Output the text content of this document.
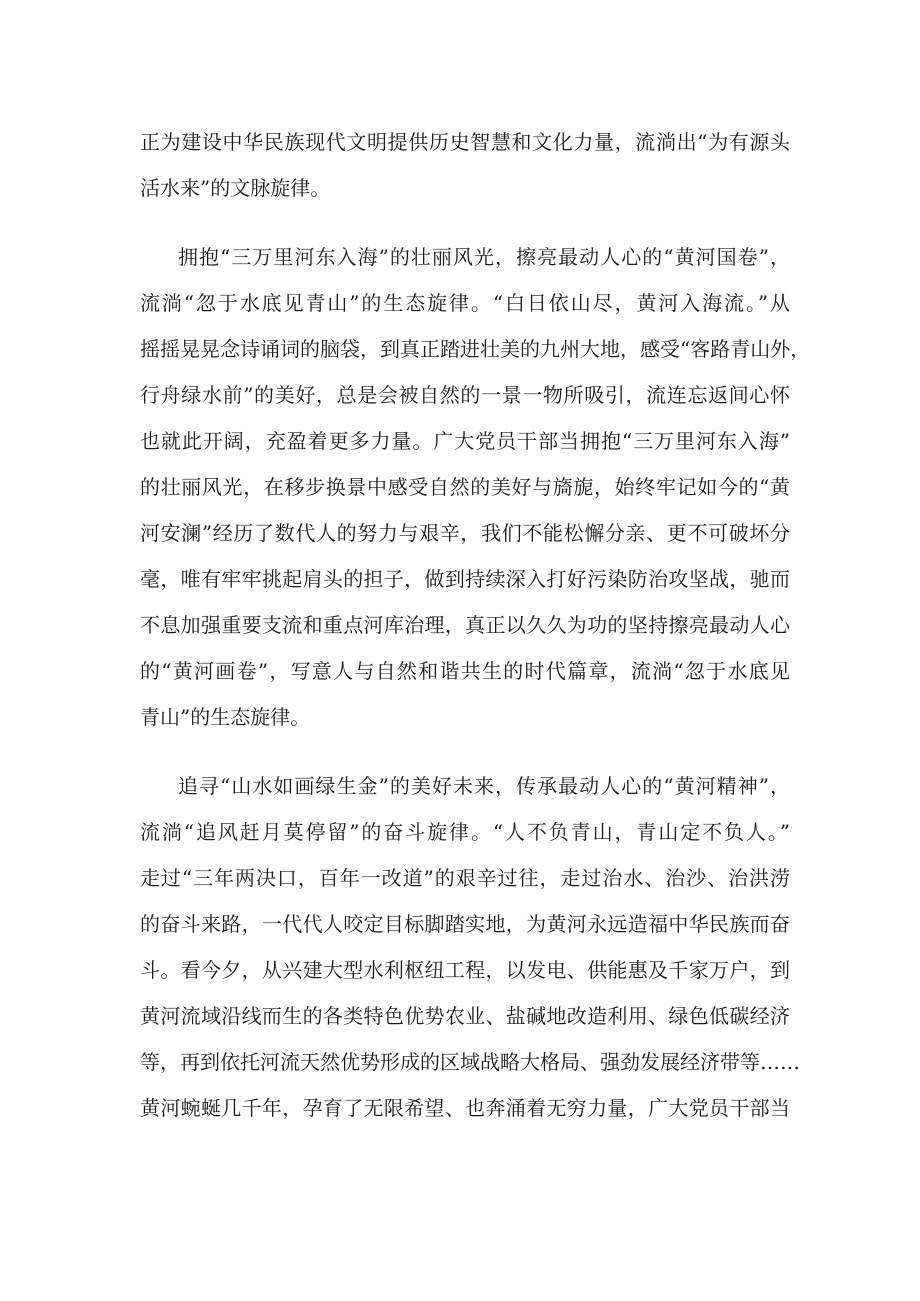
正为建设中华民族现代文明提供历史智慧和文化力量，流淌出“为有源头
活水来”的文脉旋律。
拥抱“三万里河东入海”的壮丽风光，擦亮最动人心的“黄河国卷”，
流淌“忽于水底见青山”的生态旋律。“白日依山尽，黄河入海流。”从
摇摇晃晃念诗诵词的脑袋，到真正踏进壮美的九州大地，感受“客路青山外，
行舟绿水前”的美好，总是会被自然的一景一物所吸引，流连忘返间心怀
也就此开阔，充盈着更多力量。广大党员干部当拥抱“三万里河东入海”
的壮丽风光，在移步换景中感受自然的美好与旖旎，始终牢记如今的“黄
河安澜”经历了数代人的努力与艰辛，我们不能松懈分亲、更不可破坏分
毫，唯有牢牢挑起肩头的担子，做到持续深入打好污染防治攻坚战，驰而
不息加强重要支流和重点河库治理，真正以久久为功的坚持擦亮最动人心
的“黄河画卷”，写意人与自然和谐共生的时代篇章，流淌“忽于水底见
青山”的生态旋律。
追寻“山水如画绿生金”的美好未来，传承最动人心的“黄河精神”，
流淌“追风赶月莫停留”的奋斗旋律。“人不负青山，青山定不负人。”
走过“三年两决口，百年一改道”的艰辛过往，走过治水、治沙、治洪涝
的奋斗来路，一代代人咬定目标脚踏实地，为黄河永远造福中华民族而奋
斗。看今夕，从兴建大型水利枢纽工程，以发电、供能惠及千家万户，到
黄河流域沿线而生的各类特色优势农业、盐碱地改造利用、绿色低碳经济
等，再到依托河流天然优势形成的区域战略大格局、强劲发展经济带等……
黄河蜿蜒几千年，孕育了无限希望、也奔涌着无穷力量，广大党员干部当
